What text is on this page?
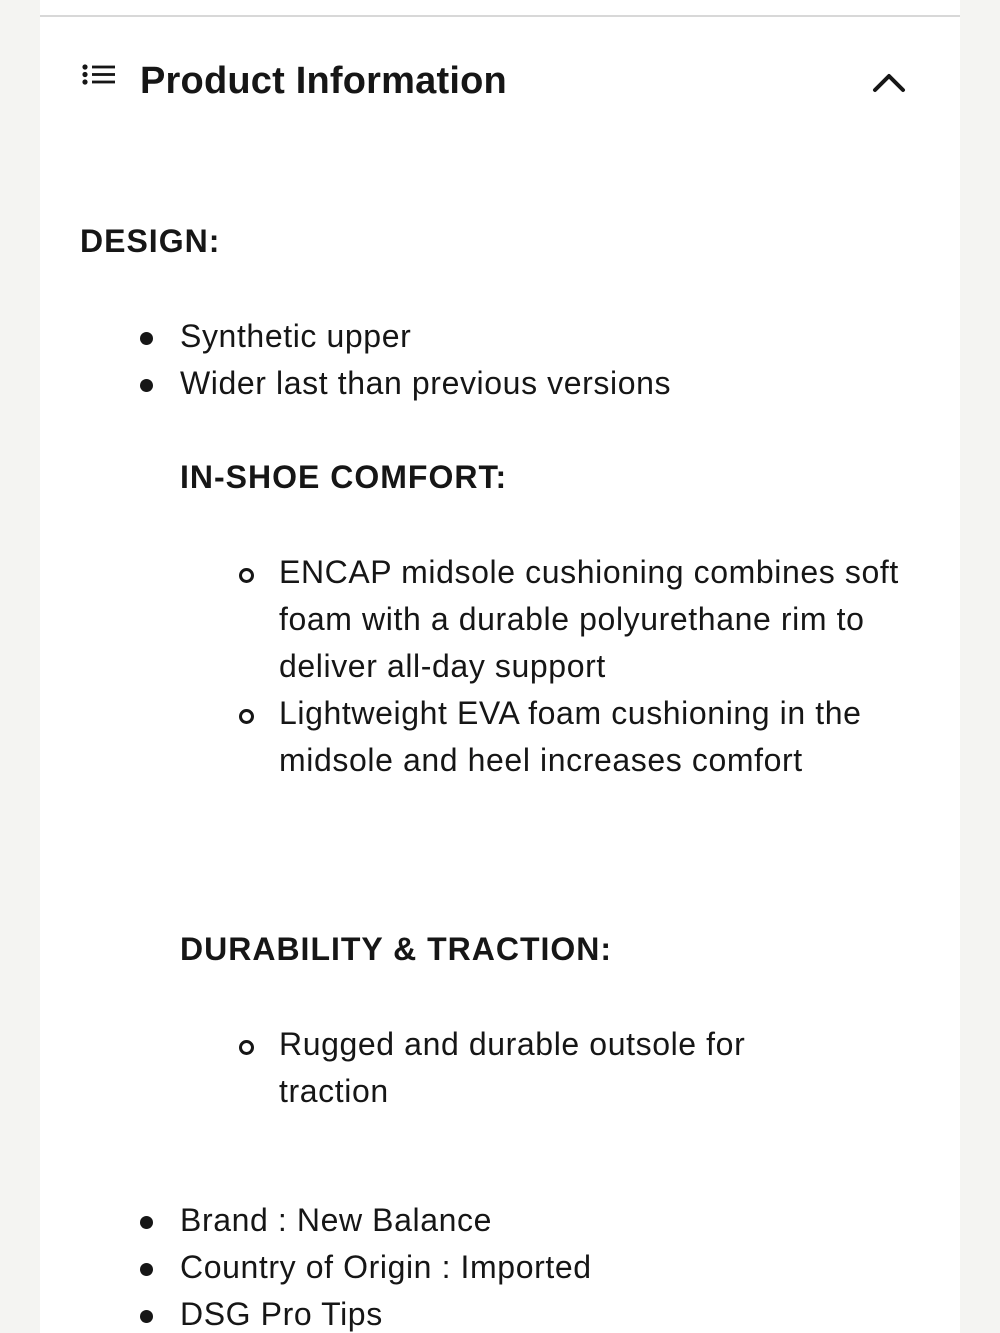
Product Information
DESIGN:
Synthetic upper
Wider last than previous versions
IN-SHOE COMFORT:
ENCAP midsole cushioning combines soft foam with a durable polyurethane rim to deliver all-day support
Lightweight EVA foam cushioning in the midsole and heel increases comfort
DURABILITY & TRACTION:
Rugged and durable outsole for traction
Brand : New Balance
Country of Origin : Imported
DSG Pro Tips
